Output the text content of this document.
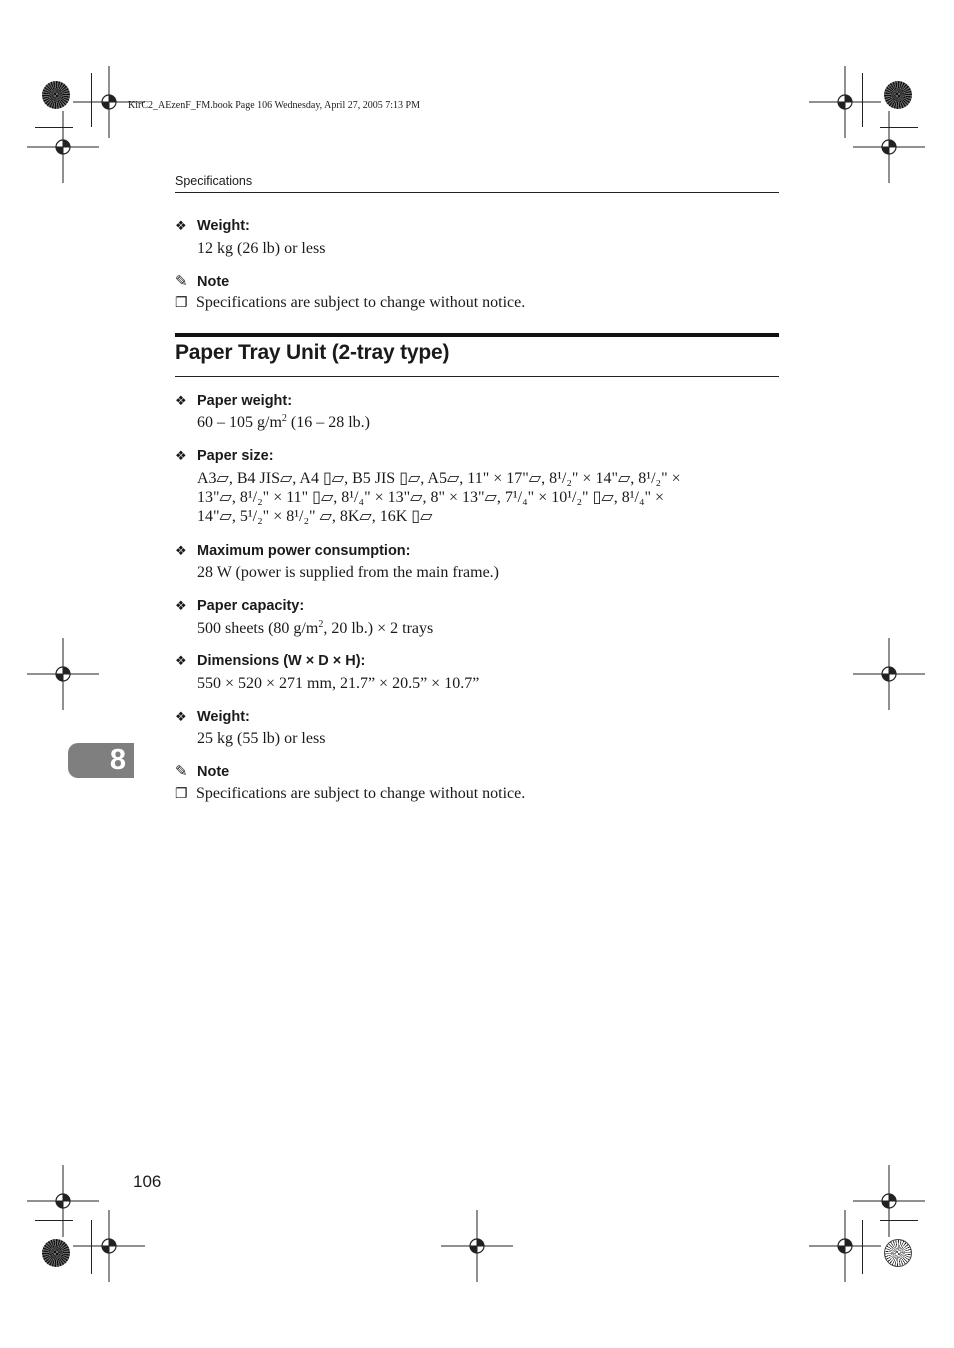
KirC2_AEzenF_FM.book Page 106 Wednesday, April 27, 2005 7:13 PM
Specifications
❖ Weight:
12 kg (26 lb) or less
✎ Note
❐ Specifications are subject to change without notice.
Paper Tray Unit (2-tray type)
❖ Paper weight:
60 – 105 $g/m^2$ (16 – 28 lb.)
❖ Paper size:
A3▱, B4 JIS▱, A4 ▯▱, B5 JIS ▯▱, A5▱, 11" × 17"▱, 8¹/₂" × 14"▱, 8¹/₂" ×
13"▱, 8¹/₂" × 11" ▯▱, 8¹/₄" × 13"▱, 8" × 13"▱, 7¹/₄" × 10¹/₂" ▯▱, 8¹/₄" ×
14"▱, 5¹/₂" × 8¹/₂" ▱, 8K▱, 16K ▯▱
❖ Maximum power consumption:
28 W (power is supplied from the main frame.)
❖ Paper capacity:
500 sheets (80 $g/m^2$, 20 lb.) × 2 trays
❖ Dimensions (W × D × H):
550 × 520 × 271 mm, 21.7” × 20.5” × 10.7”
❖ Weight:
25 kg (55 lb) or less
✎ Note
❐ Specifications are subject to change without notice.
8
106
